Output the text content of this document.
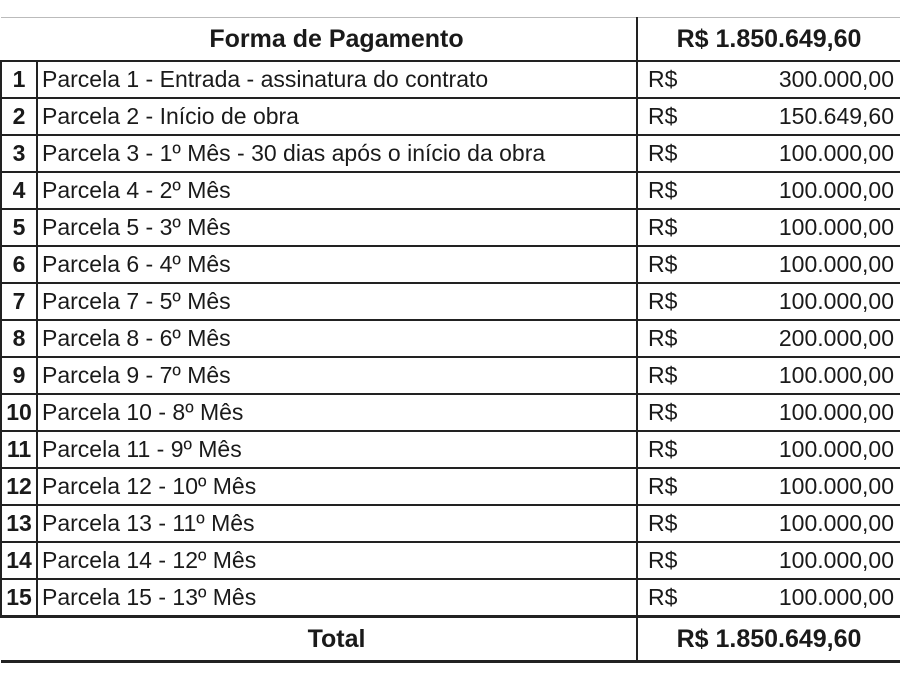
	Forma de Pagamento	R$ 1.850.649,60	
1	Parcela 1 - Entrada - assinatura do contrato	R$	300.000,00
2	Parcela 2 - Início de obra	R$	150.649,60
3	Parcela 3 - 1º Mês - 30 dias após o início da obra	R$	100.000,00
4	Parcela 4 - 2º Mês	R$	100.000,00
5	Parcela 5 - 3º Mês	R$	100.000,00
6	Parcela 6 - 4º Mês	R$	100.000,00
7	Parcela 7 - 5º Mês	R$	100.000,00
8	Parcela 8 - 6º Mês	R$	200.000,00
9	Parcela 9 - 7º Mês	R$	100.000,00
10	Parcela 10 - 8º Mês	R$	100.000,00
11	Parcela 11 - 9º Mês	R$	100.000,00
12	Parcela 12 - 10º Mês	R$	100.000,00
13	Parcela 13 - 11º Mês	R$	100.000,00
14	Parcela 14 - 12º Mês	R$	100.000,00
15	Parcela 15 - 13º Mês	R$	100.000,00
	Total	R$ 1.850.649,60	
